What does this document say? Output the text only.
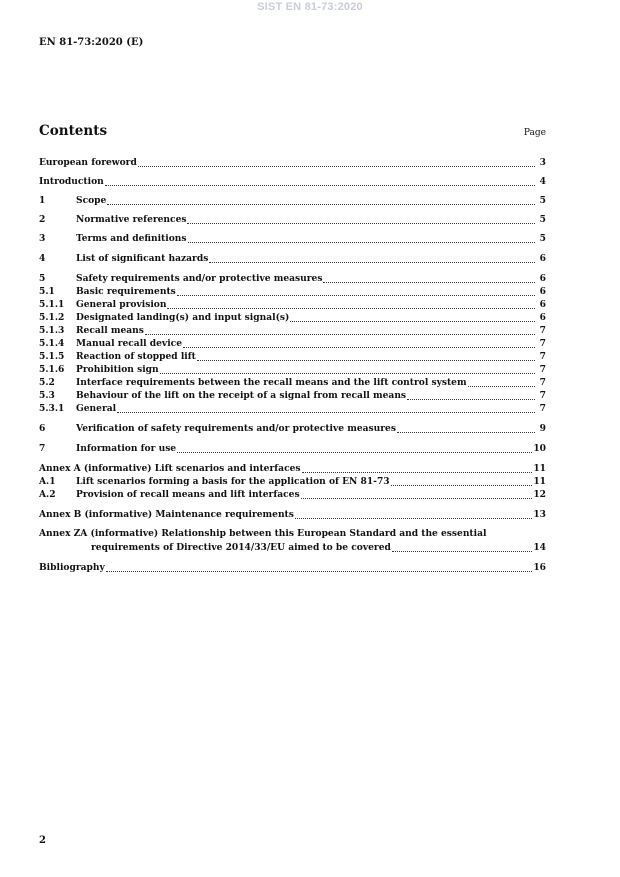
SIST EN 81-73:2020
EN 81-73:2020 (E)
Contents	Page
European foreword	3
Introduction	4
1	Scope	5
2	Normative references	5
3	Terms and definitions	5
4	List of significant hazards	6
5	Safety requirements and/or protective measures	6
5.1	Basic requirements	6
5.1.1	General provision	6
5.1.2	Designated landing(s) and input signal(s)	6
5.1.3	Recall means	7
5.1.4	Manual recall device	7
5.1.5	Reaction of stopped lift	7
5.1.6	Prohibition sign	7
5.2	Interface requirements between the recall means and the lift control system	7
5.3	Behaviour of the lift on the receipt of a signal from recall means	7
5.3.1	General	7
6	Verification of safety requirements and/or protective measures	9
7	Information for use	10
Annex A (informative) Lift scenarios and interfaces	11
A.1	Lift scenarios forming a basis for the application of EN 81-73	11
A.2	Provision of recall means and lift interfaces	12
Annex B (informative) Maintenance requirements	13
Annex ZA (informative) Relationship between this European Standard and the essential
requirements of Directive 2014/33/EU aimed to be covered	14
Bibliography	16
2
